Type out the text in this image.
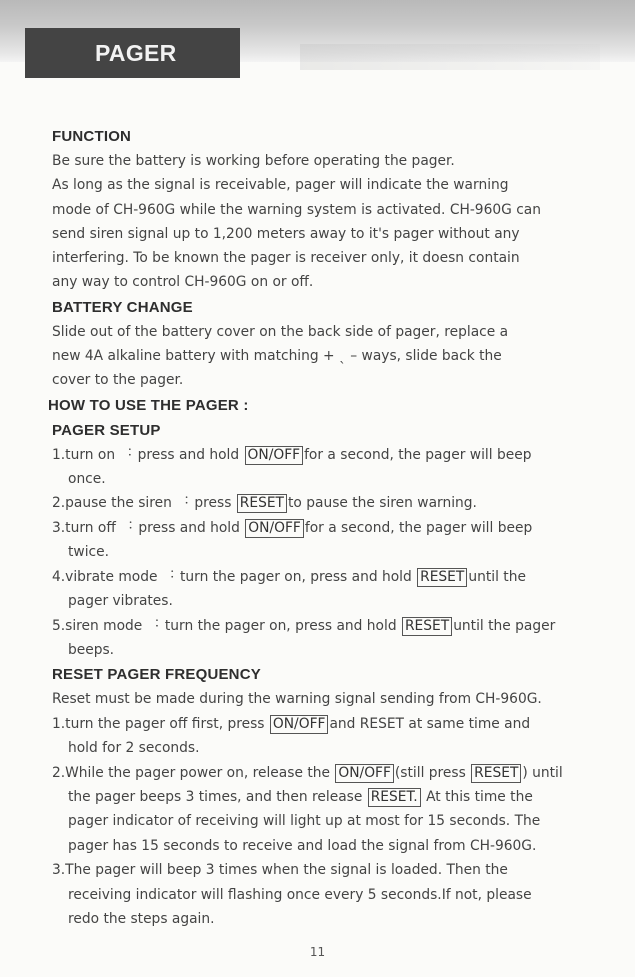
PAGER
FUNCTION
Be sure the battery is working before operating the pager.
As long as the signal is receivable, pager will indicate the warning
mode of CH-960G while the warning system is activated. CH-960G can
send siren signal up to 1,200 meters away to it's pager without any
interfering. To be known the pager is receiver only, it doesn contain
any way to control CH-960G on or off.
BATTERY CHANGE
Slide out of the battery cover on the back side of pager, replace a
new 4A alkaline battery with matching + ˎ – ways, slide back the
cover to the pager.
HOW TO USE THE PAGER :
PAGER SETUP
1.turn on ︓ press and hold ON/OFF for a second, the pager will beep
once.
2.pause the siren ︓ press RESET to pause the siren warning.
3.turn off ︓ press and hold ON/OFF for a second, the pager will beep
twice.
4.vibrate mode ︓ turn the pager on, press and hold RESET until the
pager vibrates.
5.siren mode ︓ turn the pager on, press and hold RESET until the pager
beeps.
RESET PAGER FREQUENCY
Reset must be made during the warning signal sending from CH-960G.
1.turn the pager off first, press ON/OFF and RESET at same time and
hold for 2 seconds.
2.While the pager power on, release the ON/OFF (still press RESET ) until
the pager beeps 3 times, and then release RESET. At this time the
pager indicator of receiving will light up at most for 15 seconds. The
pager has 15 seconds to receive and load the signal from CH-960G.
3.The pager will beep 3 times when the signal is loaded. Then the
receiving indicator will flashing once every 5 seconds.If not, please
redo the steps again.
11
